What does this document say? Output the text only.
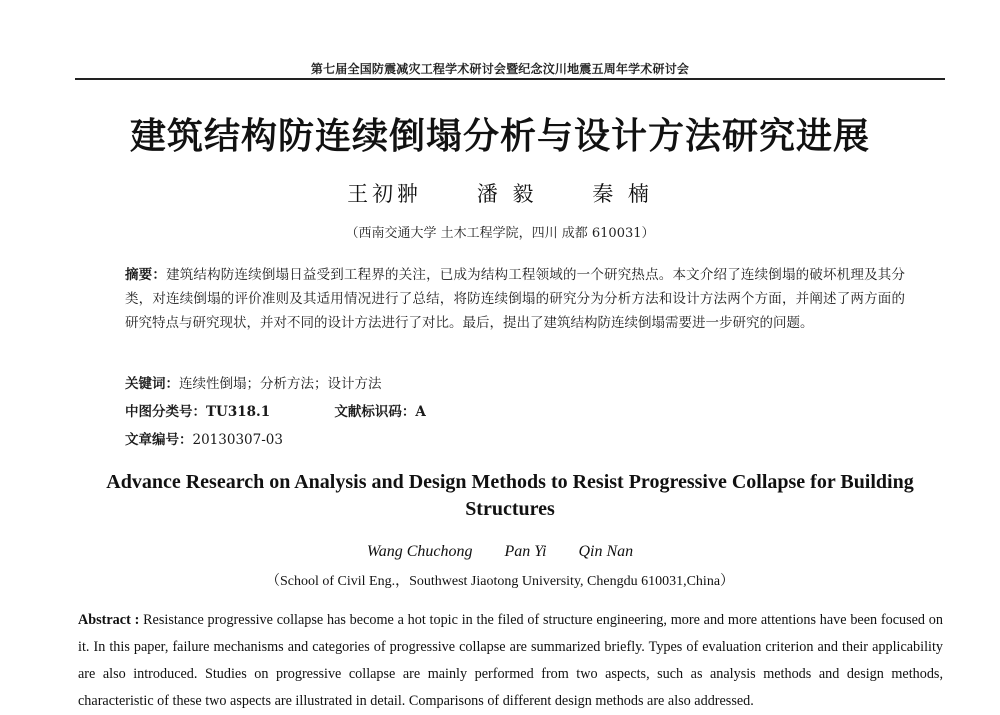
第七届全国防震减灾工程学术研讨会暨纪念汶川地震五周年学术研讨会
建筑结构防连续倒塌分析与设计方法研究进展
王初翀	潘 毅	秦 楠
（西南交通大学 土木工程学院，四川 成都 610031）
摘要：建筑结构防连续倒塌日益受到工程界的关注，已成为结构工程领域的一个研究热点。本文介绍了连续倒塌的破坏机理及其分类，对连续倒塌的评价准则及其适用情况进行了总结，将防连续倒塌的研究分为分析方法和设计方法两个方面，并阐述了两方面的研究特点与研究现状，并对不同的设计方法进行了对比。最后，提出了建筑结构防连续倒塌需要进一步研究的问题。
关键词：连续性倒塌；分析方法；设计方法
中图分类号：TU318.1	文献标识码：A
文章编号：20130307-03
Advance Research on Analysis and Design Methods to Resist Progressive Collapse for Building Structures
Wang Chuchong Pan Yi Qin Nan
（School of Civil Eng.，Southwest Jiaotong University, Chengdu 610031,China）
Abstract : Resistance progressive collapse has become a hot topic in the filed of structure engineering, more and more attentions have been focused on it. In this paper, failure mechanisms and categories of progressive collapse are summarized briefly. Types of evaluation criterion and their applicability are also introduced. Studies on progressive collapse are mainly performed from two aspects, such as analysis methods and design methods, characteristic of these two aspects are illustrated in detail. Comparisons of different design methods are also addressed.
